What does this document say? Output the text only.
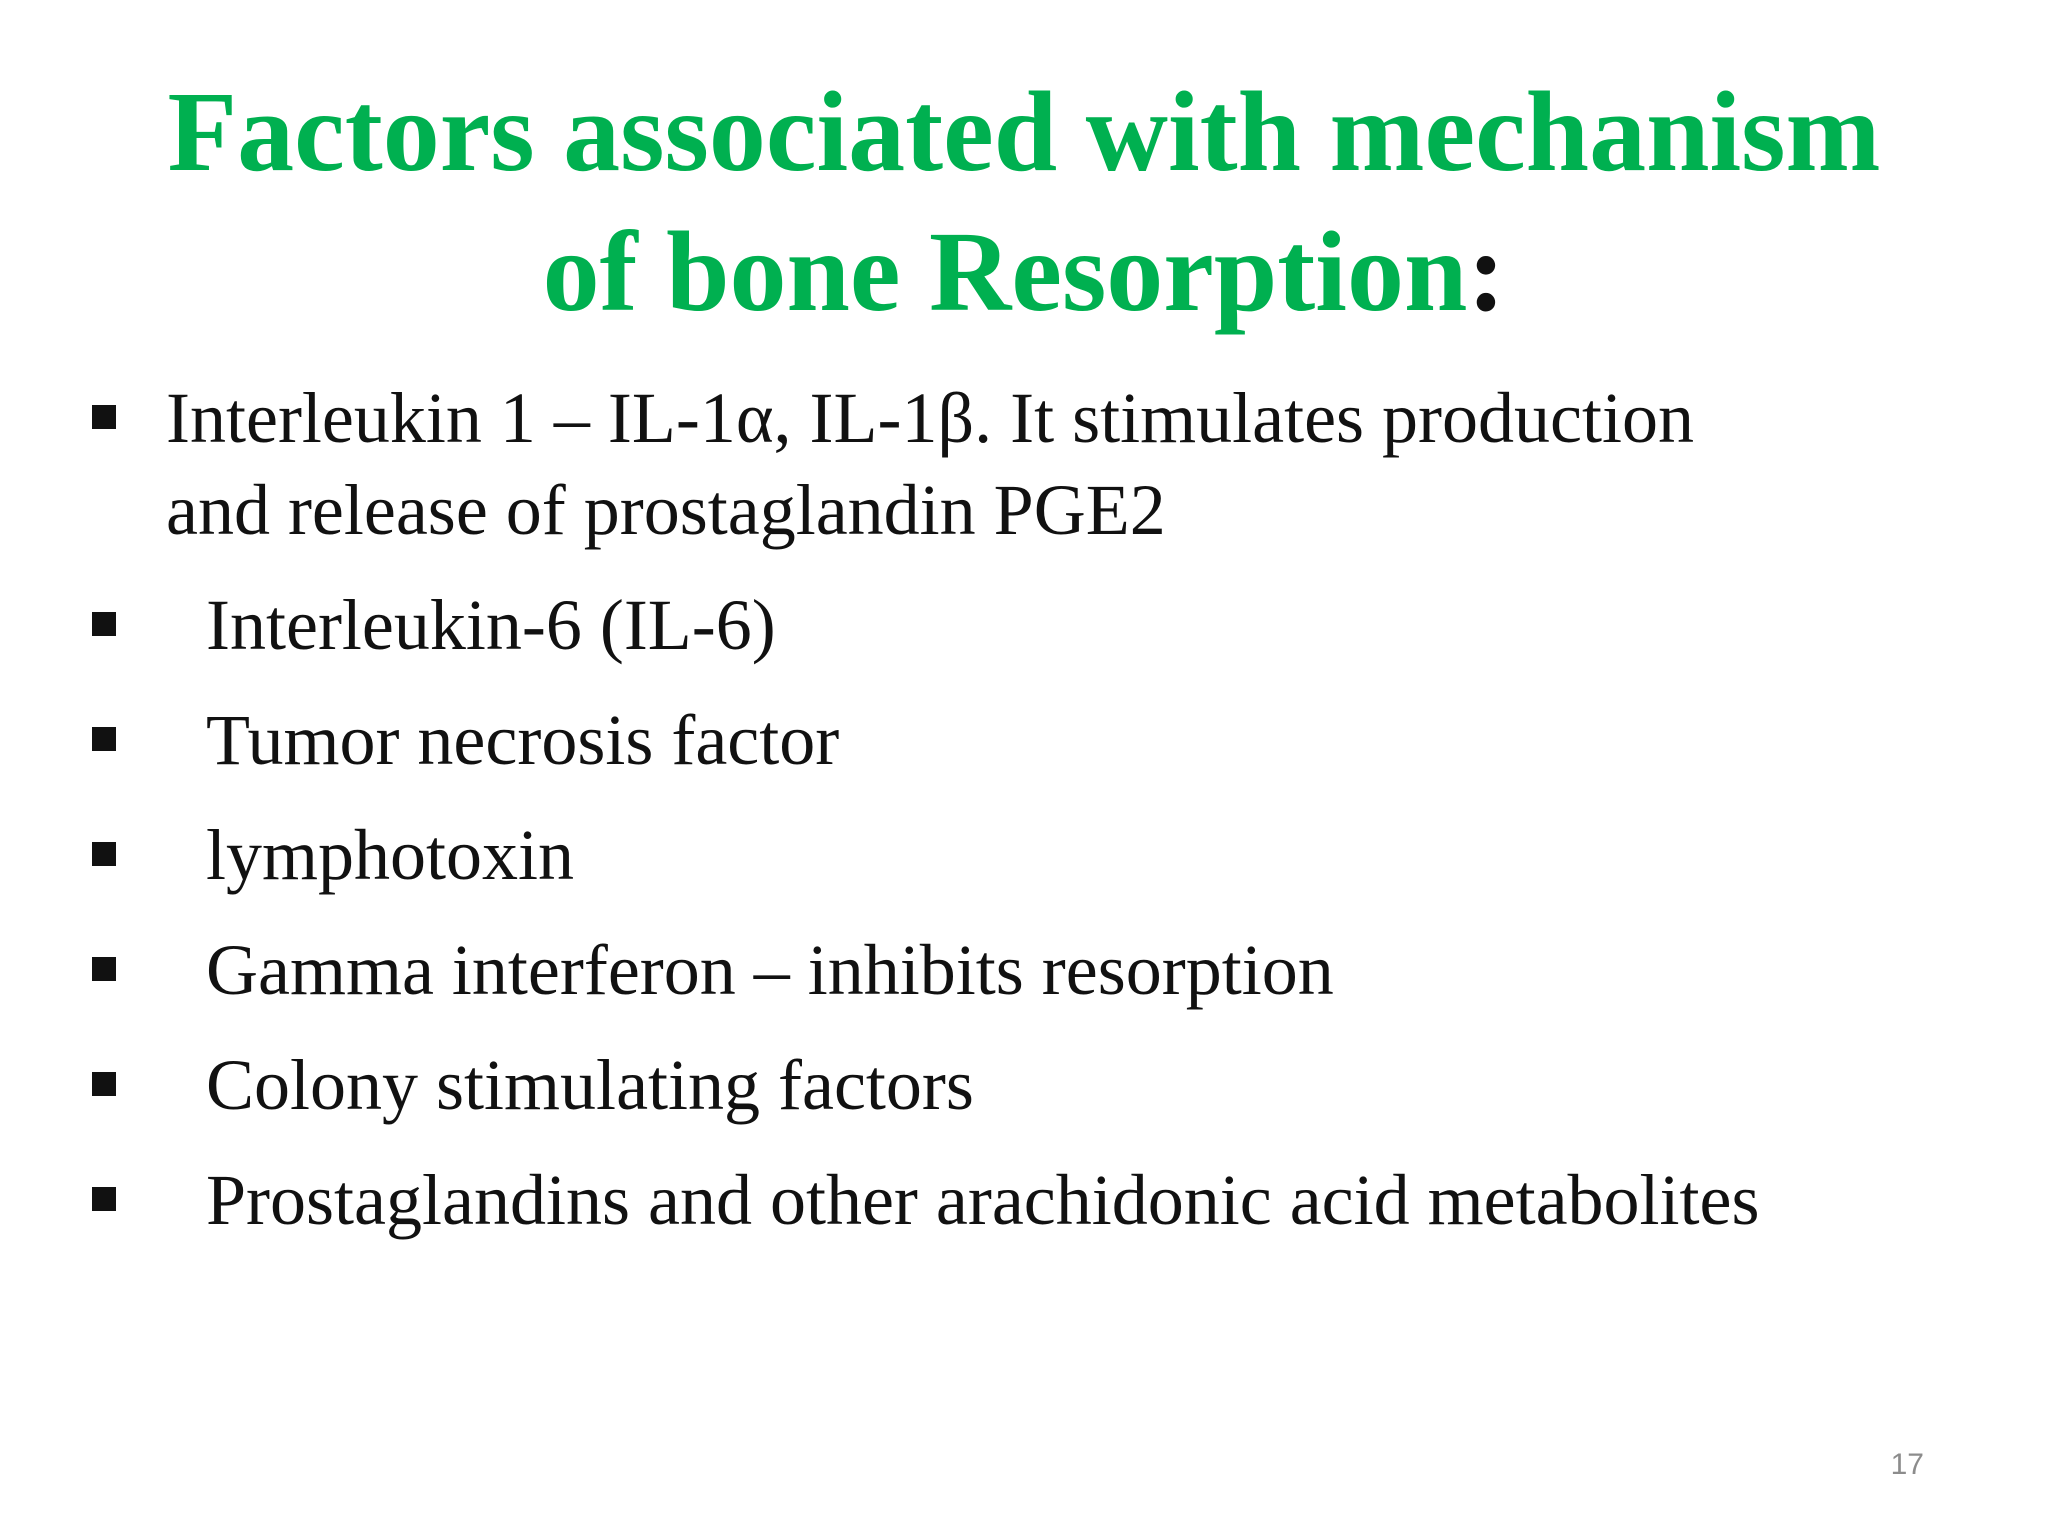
Factors associated with mechanism
of bone Resorption:
Interleukin 1 – IL-1α, IL-1β. It stimulates production
and release of prostaglandin PGE2
Interleukin-6 (IL-6)
Tumor necrosis factor
lymphotoxin
Gamma interferon – inhibits resorption
Colony stimulating factors
Prostaglandins and other arachidonic acid metabolites
17
